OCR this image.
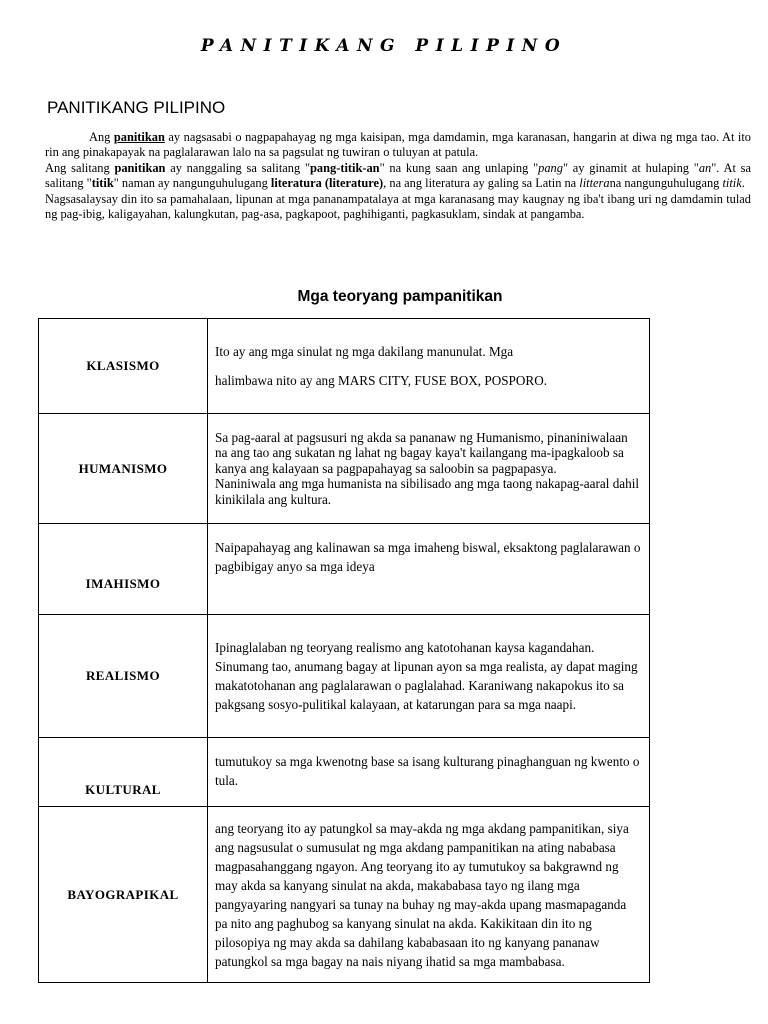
PANITIKANG PILIPINO
PANITIKANG PILIPINO
Ang panitikan ay nagsasabi o nagpapahayag ng mga kaisipan, mga damdamin, mga karanasan, hangarin at diwa ng mga tao. At ito rin ang pinakapayak na paglalarawan lalo na sa pagsulat ng tuwiran o tuluyan at patula.
Ang salitang panitikan ay nanggaling sa salitang "pang-titik-an" na kung saan ang unlaping "pang" ay ginamit at hulaping "an". At sa salitang "titik" naman ay nangunguhulugang literatura (literature), na ang literatura ay galing sa Latin na litterana nangunguhulugang titik.
Nagsasalaysay din ito sa pamahalaan, lipunan at mga pananampatalaya at mga karanasang may kaugnay ng iba't ibang uri ng damdamin tulad ng pag-ibig, kaligayahan, kalungkutan, pag-asa, pagkapoot, paghihiganti, pagkasuklam, sindak at pangamba.
Mga teoryang pampanitikan
KLASISMO	Ito ay ang mga sinulat ng mga dakilang manunulat. Mga

halimbawa nito ay ang MARS CITY, FUSE BOX, POSPORO.

HUMANISMO	Sa pag-aaral at pagsusuri ng akda sa pananaw ng Humanismo, pinaniniwalaan na ang tao ang sukatan ng lahat ng bagay kaya't kailangang ma-ipagkaloob sa kanya ang kalayaan sa pagpapahayag sa saloobin sa pagpapasya.

Naniniwala ang mga humanista na sibilisado ang mga taong nakapag-aaral dahil kinikilala ang kultura.

IMAHISMO	Naipapahayag ang kalinawan sa mga imaheng biswal, eksaktong paglalarawan o pagbibigay anyo sa mga ideya

REALISMO	Ipinaglalaban ng teoryang realismo ang katotohanan kaysa kagandahan. Sinumang tao, anumang bagay at lipunan ayon sa mga realista, ay dapat maging makatotohanan ang paglalarawan o paglalahad. Karaniwang nakapokus ito sa pakgsang sosyo-pulitikal kalayaan, at katarungan para sa mga naapi.

KULTURAL	tumutukoy sa mga kwenotng base sa isang kulturang pinaghanguan ng kwento o tula.

BAYOGRAPIKAL	ang teoryang ito ay patungkol sa may-akda ng mga akdang pampanitikan, siya ang nagsusulat o sumusulat ng mga akdang pampanitikan na ating nababasa magpasahanggang ngayon. Ang teoryang ito ay tumutukoy sa bakgrawnd ng may akda sa kanyang sinulat na akda, makababasa tayo ng ilang mga pangyayaring nangyari sa tunay na buhay ng may-akda upang masmapaganda pa nito ang paghubog sa kanyang sinulat na akda. Kakikitaan din ito ng pilosopiya ng may akda sa dahilang kababasaan ito ng kanyang pananaw patungkol sa mga bagay na nais niyang ihatid sa mga mambabasa.
